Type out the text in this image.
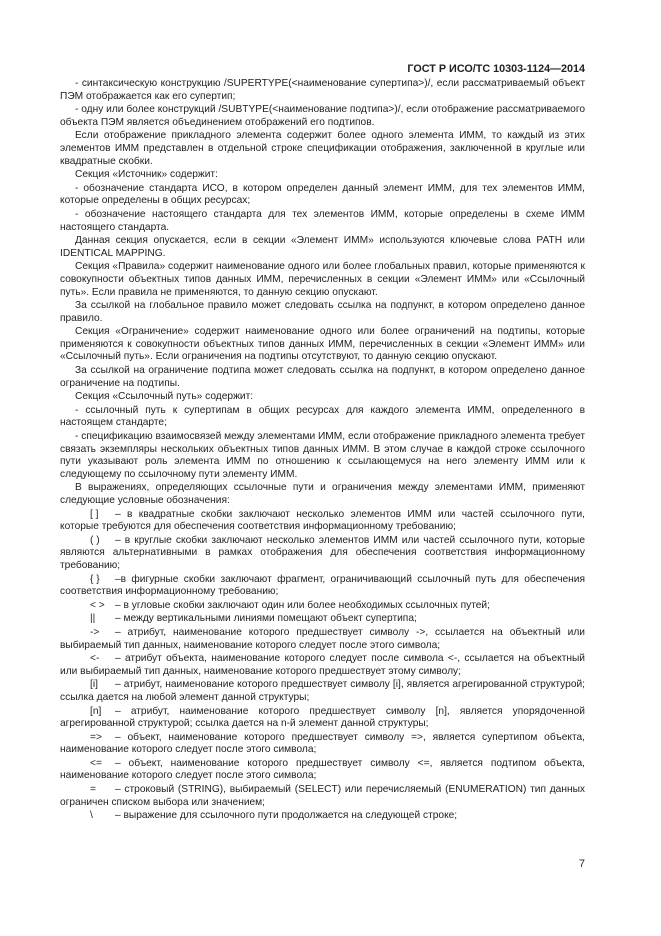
ГОСТ Р ИСО/ТС 10303-1124—2014

- синтаксическую конструкцию /SUPERTYPE(<наименование супертипа>)/, если рассматриваемый объект ПЭМ отображается как его супертип;

- одну или более конструкций /SUBTYPE(<наименование подтипа>)/, если отображение рассматриваемого объекта ПЭМ является объединением отображений его подтипов.

Если отображение прикладного элемента содержит более одного элемента ИММ, то каждый из этих элементов ИММ представлен в отдельной строке спецификации отображения, заключенной в круглые или квадратные скобки.

Секция «Источник» содержит:

- обозначение стандарта ИСО, в котором определен данный элемент ИММ, для тех элементов ИММ, которые определены в общих ресурсах;

- обозначение настоящего стандарта для тех элементов ИММ, которые определены в схеме ИММ настоящего стандарта.

Данная секция опускается, если в секции «Элемент ИММ» используются ключевые слова PATH или IDENTICAL MAPPING.

Секция «Правила» содержит наименование одного или более глобальных правил, которые применяются к совокупности объектных типов данных ИММ, перечисленных в секции «Элемент ИММ» или «Ссылочный путь». Если правила не применяются, то данную секцию опускают.

За ссылкой на глобальное правило может следовать ссылка на подпункт, в котором определено данное правило.

Секция «Ограничение» содержит наименование одного или более ограничений на подтипы, которые применяются к совокупности объектных типов данных ИММ, перечисленных в секции «Элемент ИММ» или «Ссылочный путь». Если ограничения на подтипы отсутствуют, то данную секцию опускают.

За ссылкой на ограничение подтипа может следовать ссылка на подпункт, в котором определено данное ограничение на подтипы.

Секция «Ссылочный путь» содержит:

- ссылочный путь к супертипам в общих ресурсах для каждого элемента ИММ, определенного в настоящем стандарте;

- спецификацию взаимосвязей между элементами ИММ, если отображение прикладного элемента требует связать экземпляры нескольких объектных типов данных ИММ. В этом случае в каждой строке ссылочного пути указывают роль элемента ИММ по отношению к ссылающемуся на него элементу ИММ или к следующему по ссылочному пути элементу ИММ.

В выражениях, определяющих ссылочные пути и ограничения между элементами ИММ, применяют следующие условные обозначения:

[ ] – в квадратные скобки заключают несколько элементов ИММ или частей ссылочного пути, которые требуются для обеспечения соответствия информационному требованию;

( ) – в круглые скобки заключают несколько элементов ИММ или частей ссылочного пути, которые являются альтернативными в рамках отображения для обеспечения соответствия информационному требованию;

{ } –в фигурные скобки заключают фрагмент, ограничивающий ссылочный путь для обеспечения соответствия информационному требованию;

< > – в угловые скобки заключают один или более необходимых ссылочных путей;

|| – между вертикальными линиями помещают объект супертипа;

-> – атрибут, наименование которого предшествует символу ->, ссылается на объектный или выбираемый тип данных, наименование которого следует после этого символа;

<- – атрибут объекта, наименование которого следует после символа <-, ссылается на объектный или выбираемый тип данных, наименование которого предшествует этому символу;

[i] – атрибут, наименование которого предшествует символу [i], является агрегированной структурой; ссылка дается на любой элемент данной структуры;

[n] – атрибут, наименование которого предшествует символу [n], является упорядоченной агрегированной структурой; ссылка дается на n-й элемент данной структуры;

=> – объект, наименование которого предшествует символу =>, является супертипом объекта, наименование которого следует после этого символа;

<= – объект, наименование которого предшествует символу <=, является подтипом объекта, наименование которого следует после этого символа;

= – строковый (STRING), выбираемый (SELECT) или перечисляемый (ENUMERATION) тип данных ограничен списком выбора или значением;

\ – выражение для ссылочного пути продолжается на следующей строке;

7
